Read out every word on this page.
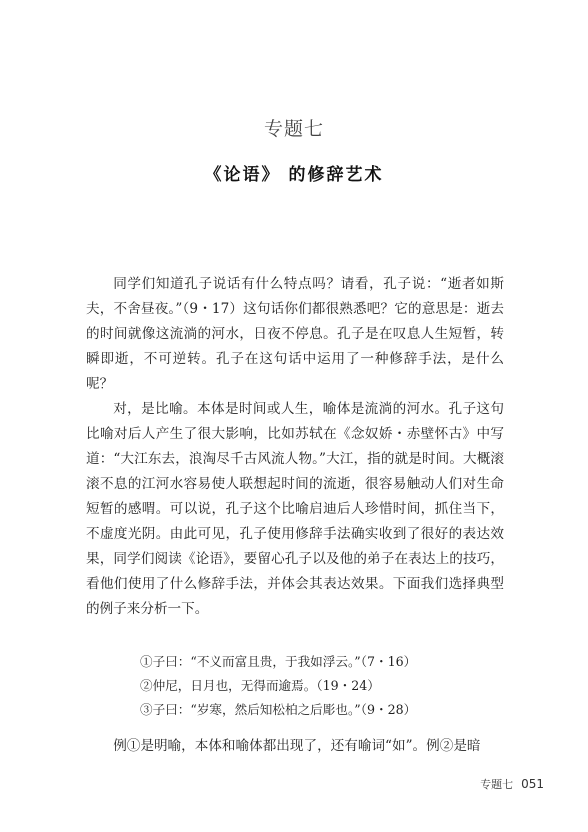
专题七
《论语》 的修辞艺术

同学们知道孔子说话有什么特点吗？请看，孔子说：“逝者如斯夫，不舍昼夜。”（9・17）这句话你们都很熟悉吧？它的意思是：逝去的时间就像这流淌的河水，日夜不停息。孔子是在叹息人生短暂，转瞬即逝，不可逆转。孔子在这句话中运用了一种修辞手法，是什么呢？

对，是比喻。本体是时间或人生，喻体是流淌的河水。孔子这句比喻对后人产生了很大影响，比如苏轼在《念奴娇・赤壁怀古》中写道：“大江东去，浪淘尽千古风流人物。”大江，指的就是时间。大概滚滚不息的江河水容易使人联想起时间的流逝，很容易触动人们对生命短暂的感喟。可以说，孔子这个比喻启迪后人珍惜时间，抓住当下，不虚度光阴。由此可见，孔子使用修辞手法确实收到了很好的表达效果，同学们阅读《论语》，要留心孔子以及他的弟子在表达上的技巧，看他们使用了什么修辞手法，并体会其表达效果。下面我们选择典型的例子来分析一下。

①子曰：“不义而富且贵，于我如浮云。”（7・16）
②仲尼，日月也，无得而逾焉。（19・24）
③子曰：“岁寒，然后知松柏之后彫也。”（9・28）

例①是明喻，本体和喻体都出现了，还有喻词“如”。例②是暗

专题七 051
